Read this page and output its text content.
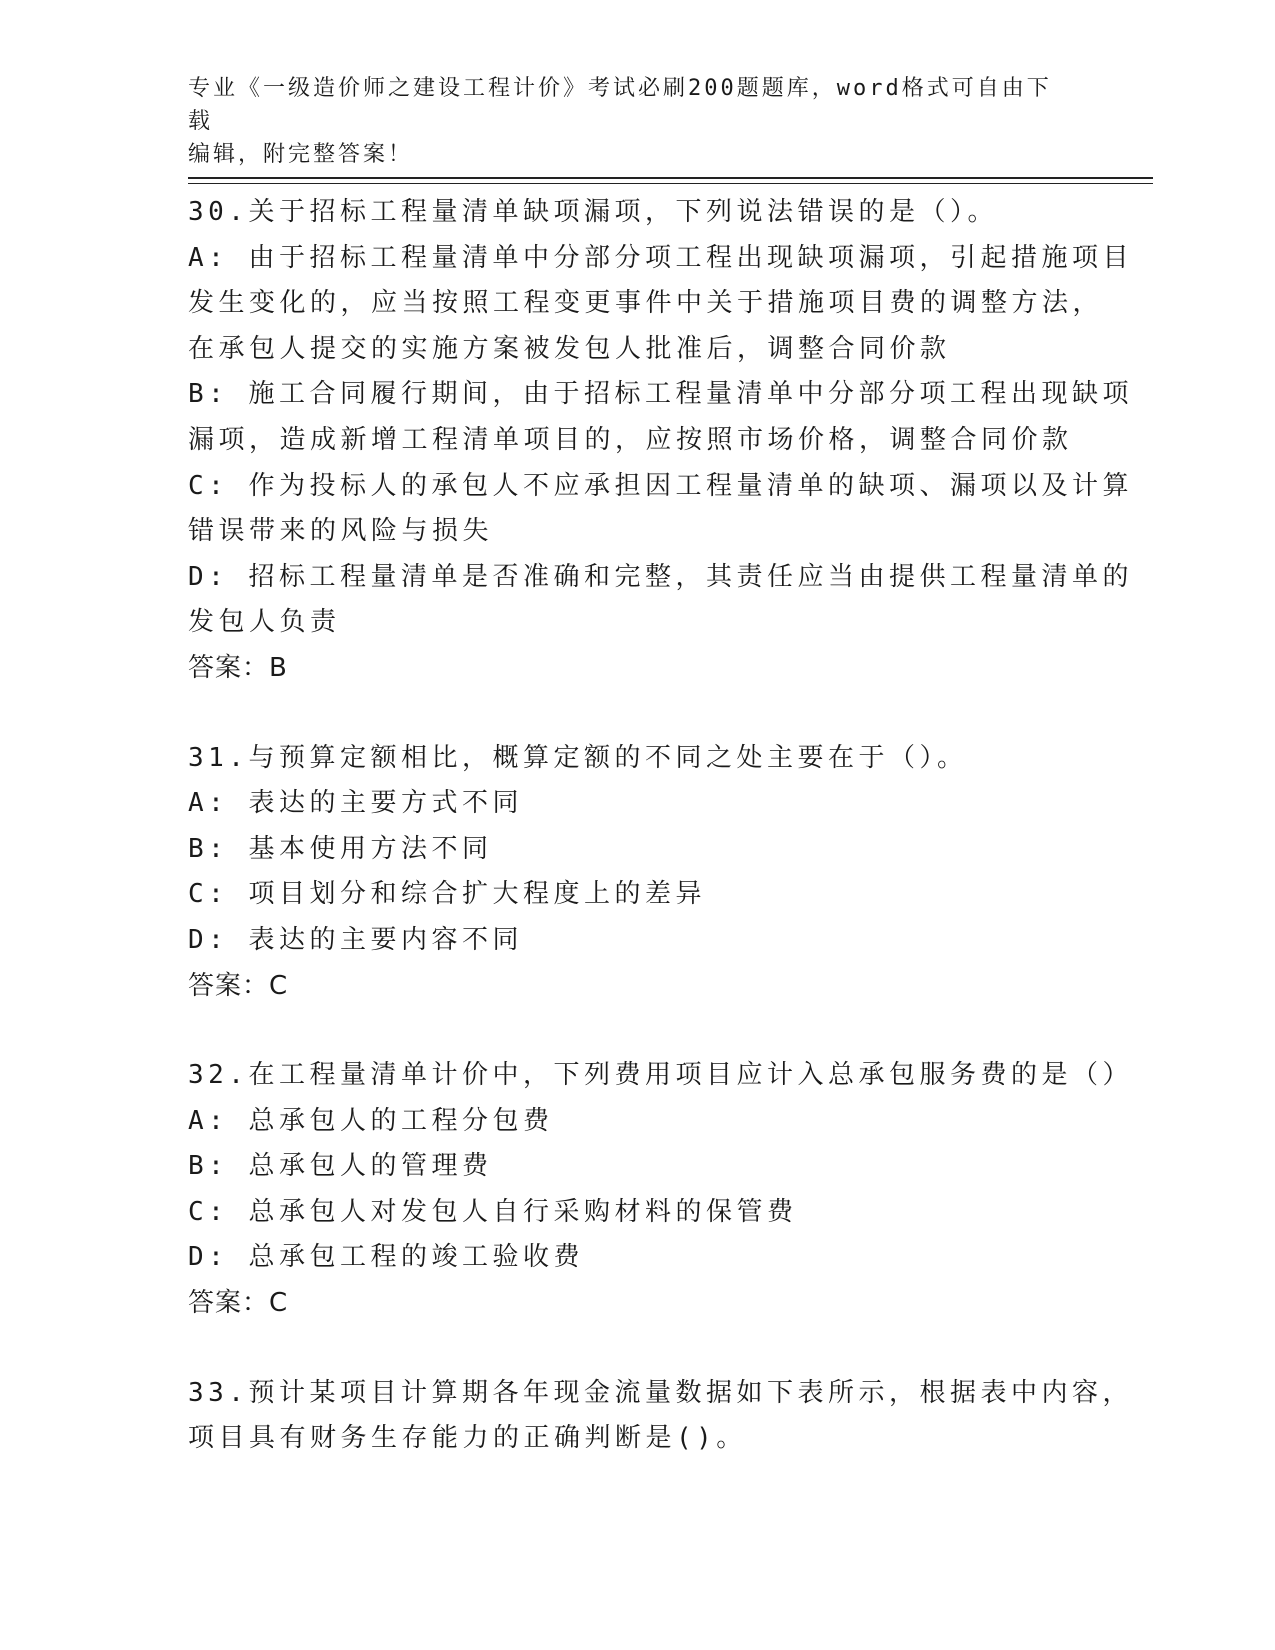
专业《一级造价师之建设工程计价》考试必刷200题题库，word格式可自由下载
编辑，附完整答案！
30.关于招标工程量清单缺项漏项，下列说法错误的是（）。
A: 由于招标工程量清单中分部分项工程出现缺项漏项，引起措施项目
发生变化的，应当按照工程变更事件中关于措施项目费的调整方法，
在承包人提交的实施方案被发包人批准后，调整合同价款
B: 施工合同履行期间，由于招标工程量清单中分部分项工程出现缺项
漏项，造成新增工程清单项目的，应按照市场价格，调整合同价款
C: 作为投标人的承包人不应承担因工程量清单的缺项、漏项以及计算
错误带来的风险与损失
D: 招标工程量清单是否准确和完整，其责任应当由提供工程量清单的
发包人负责
答案：B
31.与预算定额相比，概算定额的不同之处主要在于（）。
A: 表达的主要方式不同
B: 基本使用方法不同
C: 项目划分和综合扩大程度上的差异
D: 表达的主要内容不同
答案：C
32.在工程量清单计价中，下列费用项目应计入总承包服务费的是（）
A: 总承包人的工程分包费
B: 总承包人的管理费
C: 总承包人对发包人自行采购材料的保管费
D: 总承包工程的竣工验收费
答案：C
33.预计某项目计算期各年现金流量数据如下表所示，根据表中内容，
项目具有财务生存能力的正确判断是()。
